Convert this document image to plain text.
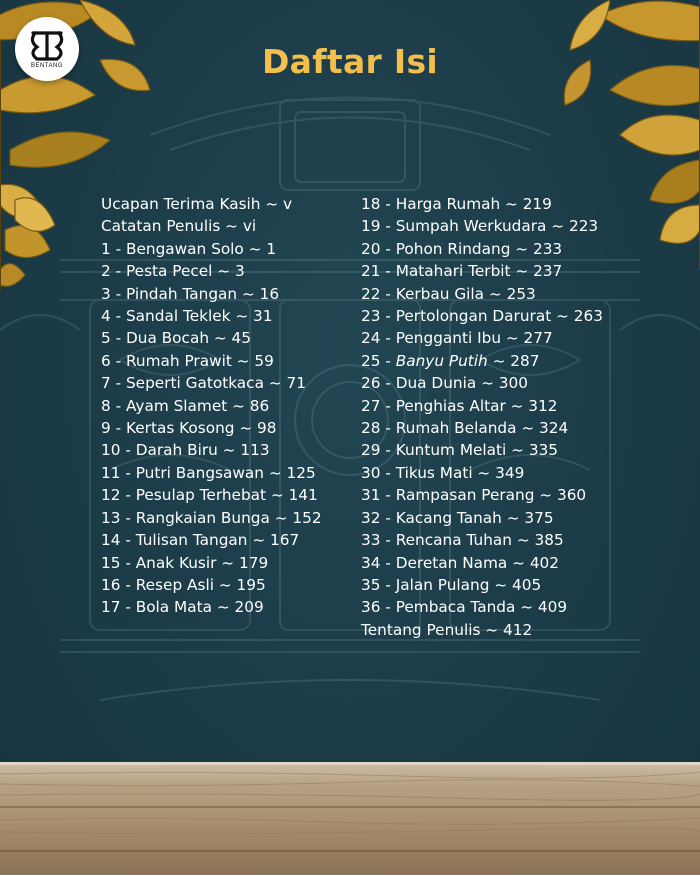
BENTANG	Daftar Isi
Ucapan Terima Kasih ~ v
Catatan Penulis ~ vi
1 - Bengawan Solo ~ 1
2 - Pesta Pecel ~ 3
3 - Pindah Tangan ~ 16
4 - Sandal Teklek ~ 31
5 - Dua Bocah ~ 45
6 - Rumah Prawit ~ 59
7 - Seperti Gatotkaca ~ 71
8 - Ayam Slamet ~ 86
9 - Kertas Kosong ~ 98
10 - Darah Biru ~ 113
11 - Putri Bangsawan ~ 125
12 - Pesulap Terhebat ~ 141
13 - Rangkaian Bunga ~ 152
14 - Tulisan Tangan ~ 167
15 - Anak Kusir ~ 179
16 - Resep Asli ~ 195
17 - Bola Mata ~ 209
18 - Harga Rumah ~ 219
19 - Sumpah Werkudara ~ 223
20 - Pohon Rindang ~ 233
21 - Matahari Terbit ~ 237
22 - Kerbau Gila ~ 253
23 - Pertolongan Darurat ~ 263
24 - Pengganti Ibu ~ 277
25 - Banyu Putih ~ 287
26 - Dua Dunia ~ 300
27 - Penghias Altar ~ 312
28 - Rumah Belanda ~ 324
29 - Kuntum Melati ~ 335
30 - Tikus Mati ~ 349
31 - Rampasan Perang ~ 360
32 - Kacang Tanah ~ 375
33 - Rencana Tuhan ~ 385
34 - Deretan Nama ~ 402
35 - Jalan Pulang ~ 405
36 - Pembaca Tanda ~ 409
Tentang Penulis ~ 412
